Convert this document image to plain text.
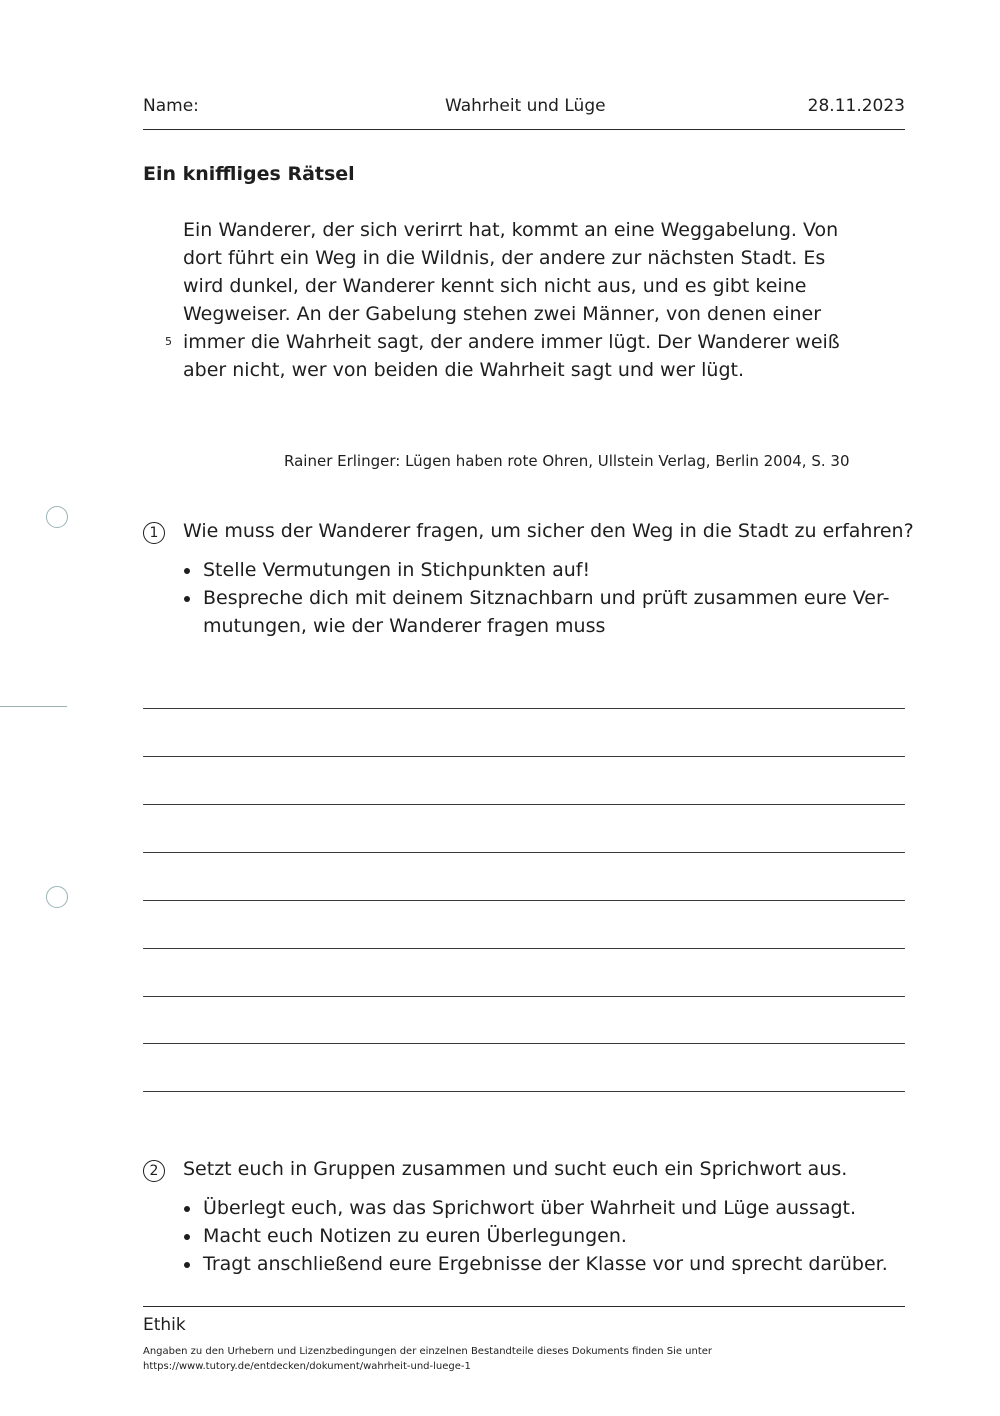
Name:	Wahrheit und Lüge	28.11.2023
Ein kniffliges Rätsel

Ein Wanderer, der sich verirrt hat, kommt an eine Weggabelung. Von

dort führt ein Weg in die Wildnis, der andere zur nächsten Stadt. Es

wird dunkel, der Wanderer kennt sich nicht aus, und es gibt keine

Wegweiser. An der Gabelung stehen zwei Männer, von denen einer

immer die Wahrheit sagt, der andere immer lügt. Der Wanderer weiß

aber nicht, wer von beiden die Wahrheit sagt und wer lügt.

5
Rainer Erlinger: Lügen haben rote Ohren, Ullstein Verlag, Berlin 2004, S. 30
1	Wie muss der Wanderer fragen, um sicher den Weg in die Stadt zu erfahren?
Stelle Vermutungen in Stichpunkten auf!
Bespreche dich mit deinem Sitznachbarn und prüft zusammen eure Ver-
mutungen, wie der Wanderer fragen muss
2	Setzt euch in Gruppen zusammen und sucht euch ein Sprichwort aus.
Überlegt euch, was das Sprichwort über Wahrheit und Lüge aussagt.
Macht euch Notizen zu euren Überlegungen.
Tragt anschließend eure Ergebnisse der Klasse vor und sprecht darüber.
Ethik
Angaben zu den Urhebern und Lizenzbedingungen der einzelnen Bestandteile dieses Dokuments finden Sie unter
https://www.tutory.de/entdecken/dokument/wahrheit-und-luege-1
